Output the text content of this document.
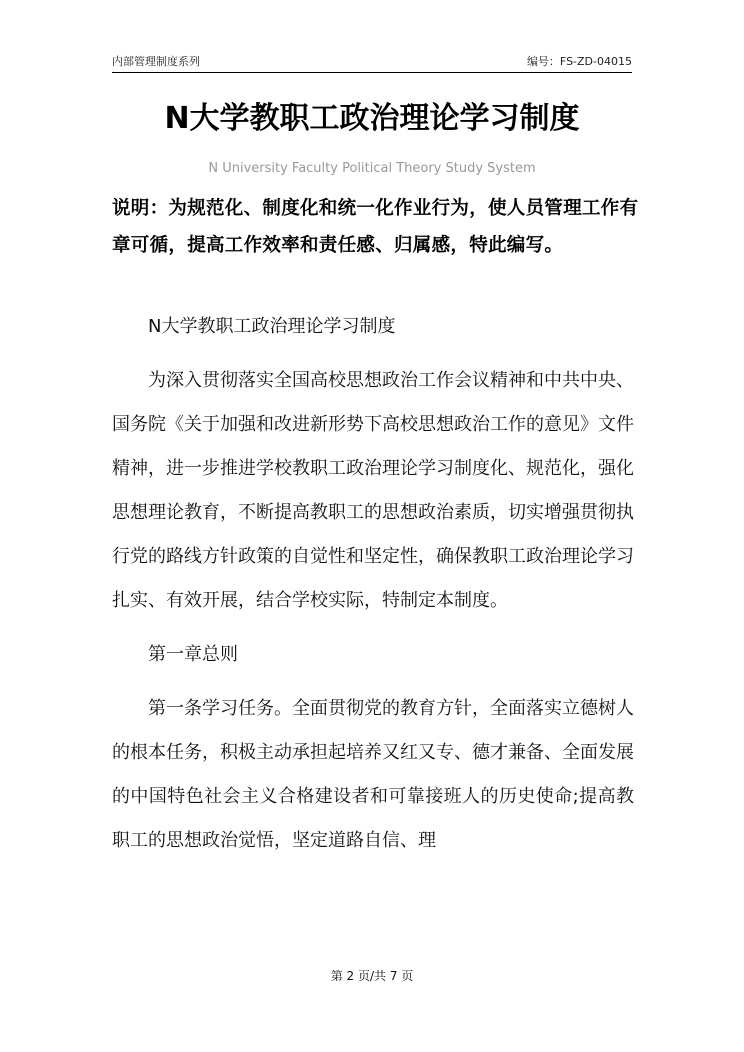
内部管理制度系列	编号：FS-ZD-04015
N大学教职工政治理论学习制度
N University Faculty Political Theory Study System

说明：为规范化、制度化和统一化作业行为，使人员管理工作有章可循，提高工作效率和责任感、归属感，特此编写。

N大学教职工政治理论学习制度

为深入贯彻落实全国高校思想政治工作会议精神和中共中央、国务院《关于加强和改进新形势下高校思想政治工作的意见》文件精神，进一步推进学校教职工政治理论学习制度化、规范化，强化思想理论教育，不断提高教职工的思想政治素质，切实增强贯彻执行党的路线方针政策的自觉性和坚定性，确保教职工政治理论学习扎实、有效开展，结合学校实际，特制定本制度。

第一章总则

第一条学习任务。全面贯彻党的教育方针，全面落实立德树人的根本任务，积极主动承担起培养又红又专、德才兼备、全面发展的中国特色社会主义合格建设者和可靠接班人的历史使命;提高教职工的思想政治觉悟，坚定道路自信、理

第 2 页/共 7 页
